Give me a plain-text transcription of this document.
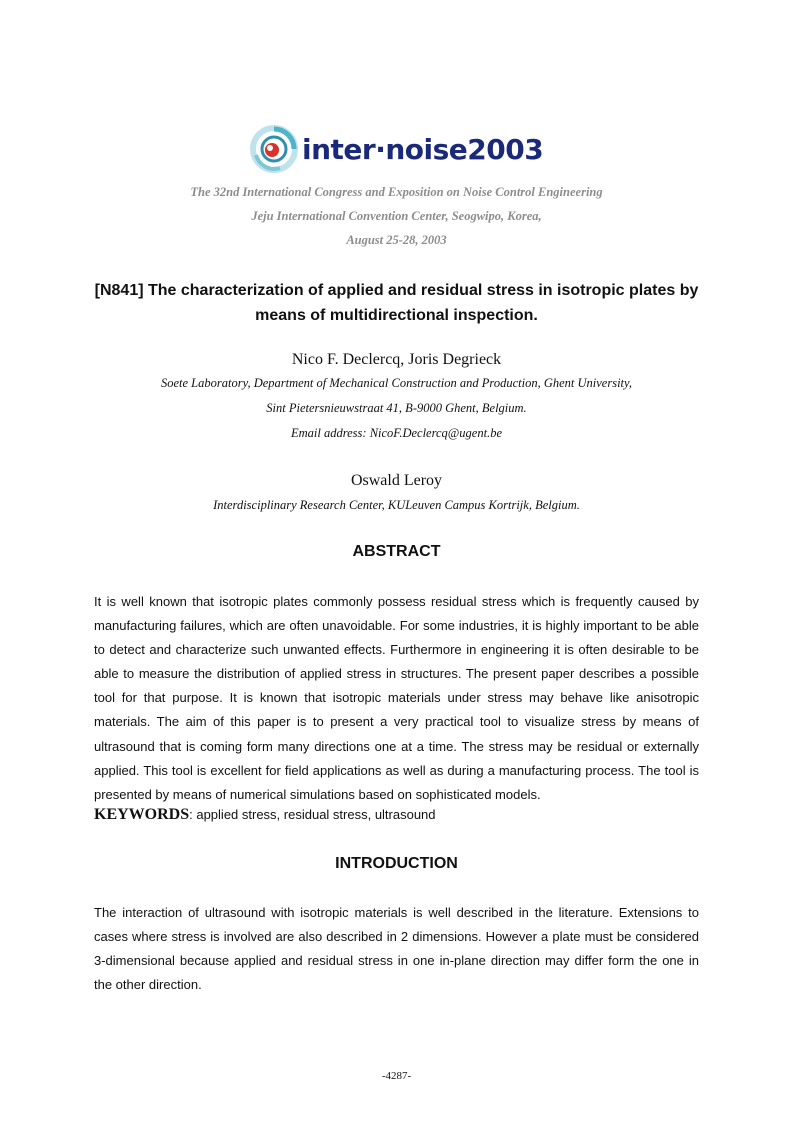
inter·noise2003
The 32nd International Congress and Exposition on Noise Control Engineering
Jeju International Convention Center, Seogwipo, Korea,
August 25-28, 2003
[N841] The characterization of applied and residual stress in isotropic plates by means of multidirectional inspection.
Nico F. Declercq, Joris Degrieck
Soete Laboratory, Department of Mechanical Construction and Production, Ghent University,
Sint Pietersnieuwstraat 41, B-9000 Ghent, Belgium.
Email address: NicoF.Declercq@ugent.be
Oswald Leroy
Interdisciplinary Research Center, KULeuven Campus Kortrijk, Belgium.
ABSTRACT
It is well known that isotropic plates commonly possess residual stress which is frequently caused by manufacturing failures, which are often unavoidable. For some industries, it is highly important to be able to detect and characterize such unwanted effects. Furthermore in engineering it is often desirable to be able to measure the distribution of applied stress in structures. The present paper describes a possible tool for that purpose. It is known that isotropic materials under stress may behave like anisotropic materials. The aim of this paper is to present a very practical tool to visualize stress by means of ultrasound that is coming form many directions one at a time. The stress may be residual or externally applied. This tool is excellent for field applications as well as during a manufacturing process. The tool is presented by means of numerical simulations based on sophisticated models.
KEYWORDS: applied stress, residual stress, ultrasound
INTRODUCTION
The interaction of ultrasound with isotropic materials is well described in the literature. Extensions to cases where stress is involved are also described in 2 dimensions. However a plate must be considered 3-dimensional because applied and residual stress in one in-plane direction may differ form the one in the other direction.
-4287-
